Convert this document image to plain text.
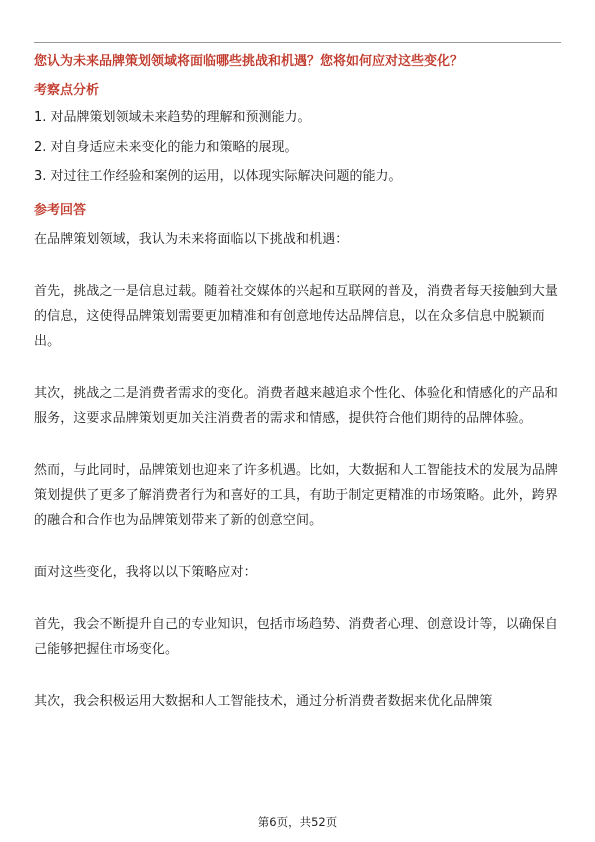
您认为未来品牌策划领域将面临哪些挑战和机遇？您将如何应对这些变化？
考察点分析
1. 对品牌策划领域未来趋势的理解和预测能力。
2. 对自身适应未来变化的能力和策略的展现。
3. 对过往工作经验和案例的运用，以体现实际解决问题的能力。
参考回答

在品牌策划领域，我认为未来将面临以下挑战和机遇：

首先，挑战之一是信息过载。随着社交媒体的兴起和互联网的普及，消费者每天接触到大量的信息，这使得品牌策划需要更加精准和有创意地传达品牌信息，以在众多信息中脱颖而出。

其次，挑战之二是消费者需求的变化。消费者越来越追求个性化、体验化和情感化的产品和服务，这要求品牌策划更加关注消费者的需求和情感，提供符合他们期待的品牌体验。

然而，与此同时，品牌策划也迎来了许多机遇。比如，大数据和人工智能技术的发展为品牌策划提供了更多了解消费者行为和喜好的工具，有助于制定更精准的市场策略。此外，跨界的融合和合作也为品牌策划带来了新的创意空间。

面对这些变化，我将以以下策略应对：

首先，我会不断提升自己的专业知识，包括市场趋势、消费者心理、创意设计等，以确保自己能够把握住市场变化。

其次，我会积极运用大数据和人工智能技术，通过分析消费者数据来优化品牌策

第6页，共52页
